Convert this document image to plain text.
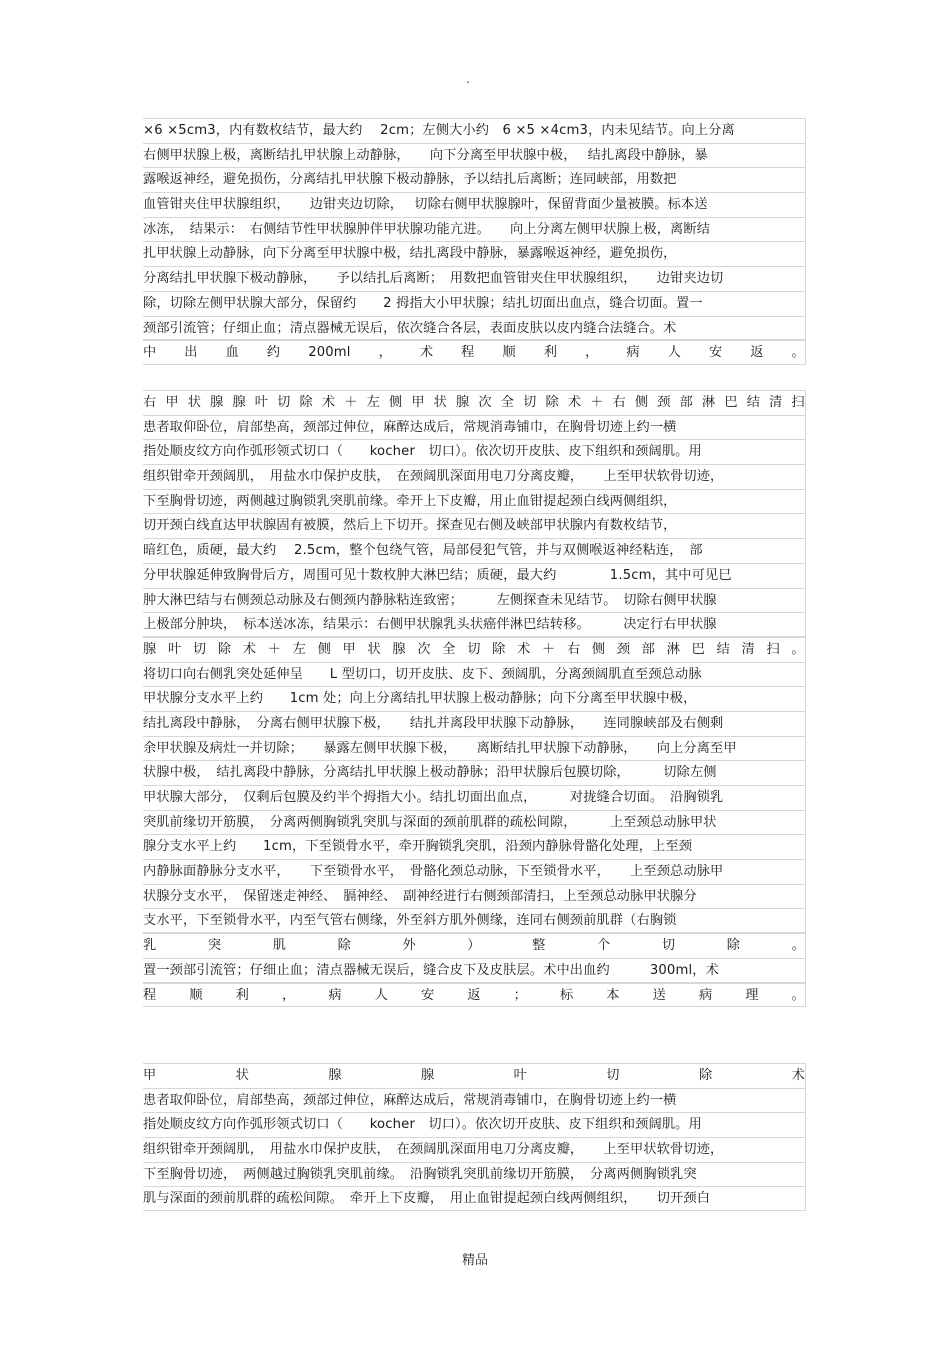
.
×6 ×5cm3，内有数枚结节，最大约　 2cm；左侧大小约　6 ×5 ×4cm3，内未见结节。向上分离
右侧甲状腺上极，离断结扎甲状腺上动静脉，　　向下分离至甲状腺中极，　 结扎离段中静脉，暴
露喉返神经，避免损伤，分离结扎甲状腺下极动静脉，予以结扎后离断；连同峡部，用数把
血管钳夹住甲状腺组织，　　边钳夹边切除，　 切除右侧甲状腺腺叶，保留背面少量被膜。标本送
冰冻，　结果示：　右侧结节性甲状腺肿伴甲状腺功能亢进。　　向上分离左侧甲状腺上极，离断结
扎甲状腺上动静脉，向下分离至甲状腺中极，结扎离段中静脉，暴露喉返神经，避免损伤，
分离结扎甲状腺下极动静脉，　　予以结扎后离断；　用数把血管钳夹住甲状腺组织，　　边钳夹边切
除，切除左侧甲状腺大部分，保留约　　2 拇指大小甲状腺；结扎切面出血点，缝合切面。置一
颈部引流管；仔细止血；清点器械无误后，依次缝合各层，表面皮肤以皮内缝合法缝合。术
中 出 血 约 200ml ， 术 程 顺 利 ， 病 人 安 返 。
右 甲 状 腺 腺 叶 切 除 术 ＋ 左 侧 甲 状 腺 次 全 切 除 术 ＋ 右 侧 颈 部 淋 巴 结 清 扫
患者取仰卧位，肩部垫高，颈部过伸位，麻醉达成后，常规消毒铺巾，在胸骨切迹上约一横
指处顺皮纹方向作弧形领式切口（　　kocher　切口）。依次切开皮肤、皮下组织和颈阔肌。用
组织钳牵开颈阔肌，　用盐水巾保护皮肤，　在颈阔肌深面用电刀分离皮瓣，　　上至甲状软骨切迹，
下至胸骨切迹，两侧越过胸锁乳突肌前缘。牵开上下皮瓣，用止血钳提起颈白线两侧组织，
切开颈白线直达甲状腺固有被膜，然后上下切开。探查见右侧及峡部甲状腺内有数枚结节，
暗红色，质硬，最大约　 2.5cm，整个包绕气管，局部侵犯气管，并与双侧喉返神经粘连，　部
分甲状腺延伸致胸骨后方，周围可见十数枚肿大淋巴结；质硬，最大约　　　　1.5cm，其中可见巳
肿大淋巴结与右侧颈总动脉及右侧颈内静脉粘连致密；　　　左侧探查未见结节。　切除右侧甲状腺
上极部分肿块，　标本送冰冻，结果示：右侧甲状腺乳头状癌伴淋巴结转移。　　　决定行右甲状腺
腺 叶 切 除 术 ＋ 左 侧 甲 状 腺 次 全 切 除 术 ＋ 右 侧 颈 部 淋 巴 结 清 扫 。
将切口向右侧乳突处延伸呈　　L 型切口，切开皮肤、皮下、颈阔肌，分离颈阔肌直至颈总动脉
甲状腺分支水平上约　　1cm 处；向上分离结扎甲状腺上极动静脉；向下分离至甲状腺中极，
结扎离段中静脉，　分离右侧甲状腺下极，　　结扎并离段甲状腺下动静脉，　　连同腺峡部及右侧剩
余甲状腺及病灶一并切除；　　暴露左侧甲状腺下极，　　离断结扎甲状腺下动静脉，　　向上分离至甲
状腺中极，　结扎离段中静脉，分离结扎甲状腺上极动静脉；沿甲状腺后包膜切除，　　　切除左侧
甲状腺大部分，　仅剩后包膜及约半个拇指大小。结扎切面出血点，　　　对拢缝合切面。　沿胸锁乳
突肌前缘切开筋膜，　分离两侧胸锁乳突肌与深面的颈前肌群的疏松间隙，　　　上至颈总动脉甲状
腺分支水平上约　　1cm，下至锁骨水平，牵开胸锁乳突肌，沿颈内静脉骨骼化处理，上至颈
内静脉面静脉分支水平，　　下至锁骨水平，　骨骼化颈总动脉，下至锁骨水平，　　上至颈总动脉甲
状腺分支水平，　保留迷走神经、　膈神经、　副神经进行右侧颈部清扫，上至颈总动脉甲状腺分
支水平，下至锁骨水平，内至气管右侧缘，外至斜方肌外侧缘，连同右侧颈前肌群（右胸锁
乳	突	肌	除	外	）	整	个	切	除	。
置一颈部引流管；仔细止血；清点器械无误后，缝合皮下及皮肤层。术中出血约　　　300ml，术
程 顺 利 ， 病 人 安 返 ； 标 本 送 病 理 。
甲	状	腺	腺	叶	切	除	术
患者取仰卧位，肩部垫高，颈部过伸位，麻醉达成后，常规消毒铺巾，在胸骨切迹上约一横
指处顺皮纹方向作弧形领式切口（　　kocher　切口）。依次切开皮肤、皮下组织和颈阔肌。用
组织钳牵开颈阔肌，　用盐水巾保护皮肤，　在颈阔肌深面用电刀分离皮瓣，　　上至甲状软骨切迹，
下至胸骨切迹，　两侧越过胸锁乳突肌前缘。　沿胸锁乳突肌前缘切开筋膜，　分离两侧胸锁乳突
肌与深面的颈前肌群的疏松间隙。　牵开上下皮瓣，　用止血钳提起颈白线两侧组织，　　切开颈白
精品
